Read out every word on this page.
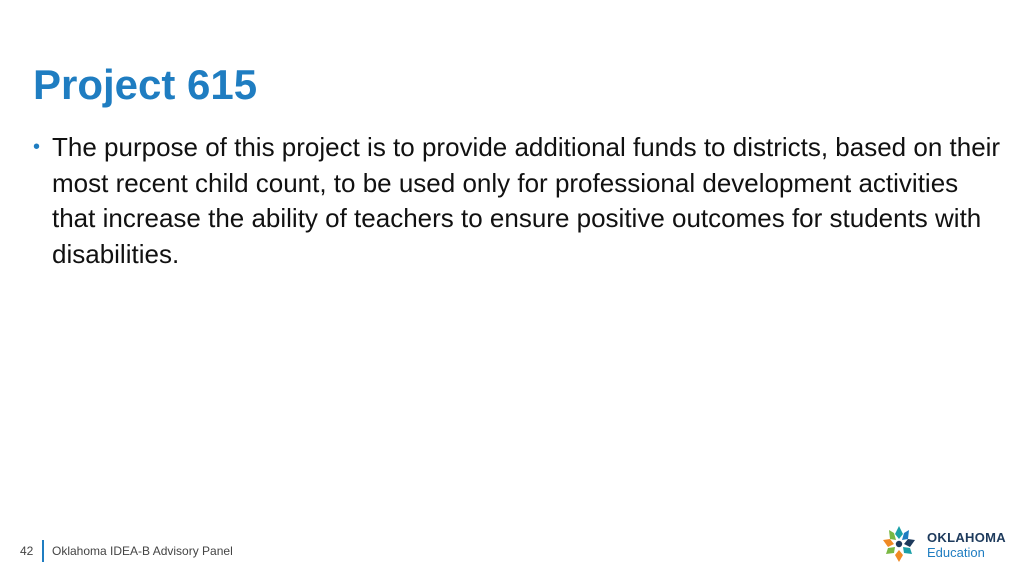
Project 615
• The purpose of this project is to provide additional funds to districts, based on their most recent child count, to be used only for professional development activities that increase the ability of teachers to ensure positive outcomes for students with disabilities.
42 Oklahoma IDEA-B Advisory Panel
OKLAHOMA
Education
